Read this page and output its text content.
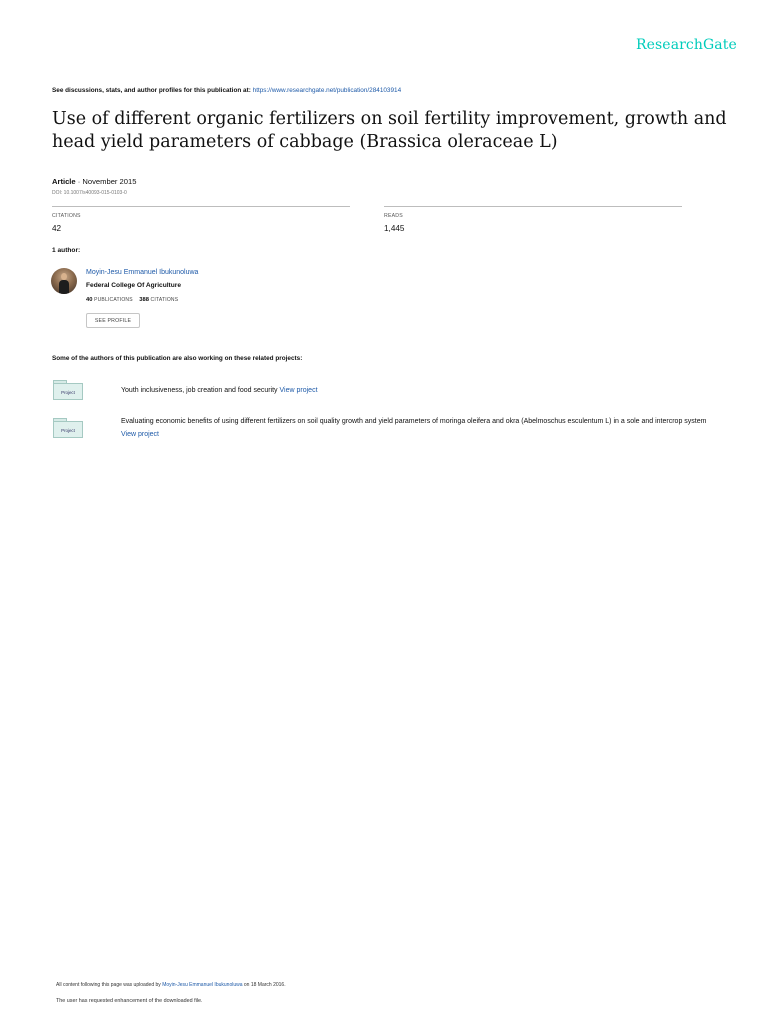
ResearchGate
See discussions, stats, and author profiles for this publication at: https://www.researchgate.net/publication/284103914
Use of different organic fertilizers on soil fertility improvement, growth and head yield parameters of cabbage (Brassica oleraceae L)
Article · November 2015
DOI: 10.1007/s40093-015-0103-0
CITATIONS
42
READS
1,445
1 author:
Moyin-Jesu Emmanuel Ibukunoluwa
Federal College Of Agriculture
40 PUBLICATIONS 388 CITATIONS
SEE PROFILE
Some of the authors of this publication are also working on these related projects:
Project	Youth inclusiveness, job creation and food security View project
Project
Evaluating economic benefits of using different fertilizers on soil quality growth and yield parameters of moringa oleifera and okra (Abelmoschus esculentum L) in a sole and intercrop system View project
All content following this page was uploaded by Moyin-Jesu Emmanuel Ibukunoluwa on 18 March 2016.
The user has requested enhancement of the downloaded file.
